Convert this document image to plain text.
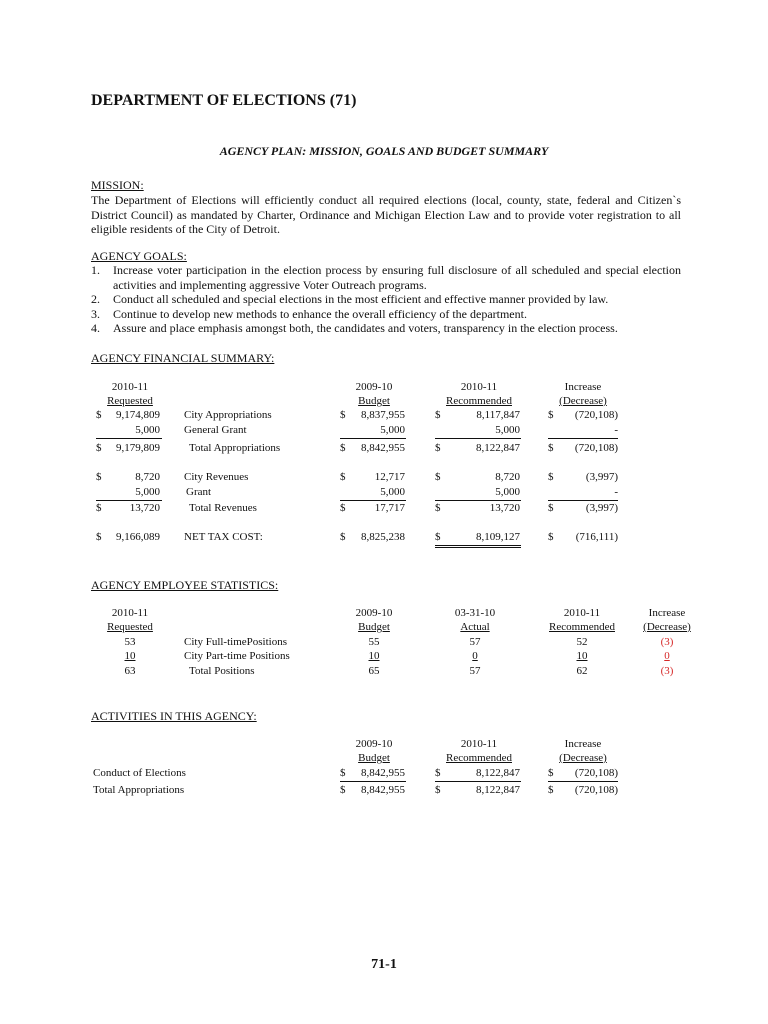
DEPARTMENT OF ELECTIONS (71)
AGENCY PLAN: MISSION, GOALS AND BUDGET SUMMARY
MISSION:
The Department of Elections will efficiently conduct all required elections (local, county, state, federal and Citizen`s District Council) as mandated by Charter, Ordinance and Michigan Election Law and to provide voter registration to all eligible residents of the City of Detroit.
AGENCY GOALS:
1. Increase voter participation in the election process by ensuring full disclosure of all scheduled and special election activities and implementing aggressive Voter Outreach programs.
2. Conduct all scheduled and special elections in the most efficient and effective manner provided by law.
3. Continue to develop new methods to enhance the overall efficiency of the department.
4. Assure and place emphasis amongst both, the candidates and voters, transparency in the election process.
AGENCY FINANCIAL SUMMARY:
2010-11
Requested
2009-10
Budget
2010-11
Recommended
Increase
(Decrease)
$	9,174,809 City Appropriations	$	8,837,955	$	8,117,847	$	(720,108)
5,000 General Grant	5,000	5,000	-
$	9,179,809	Total Appropriations	$	8,842,955	$	8,122,847	$	(720,108)
$	8,720 City Revenues	$	12,717	$	8,720	$	(3,997)
5,000 Grant	5,000	5,000	-
$	13,720	Total Revenues	$	17,717	$	13,720	$	(3,997)
$	9,166,089 NET TAX COST:	$	8,825,238	$	8,109,127	$	(716,111)
AGENCY EMPLOYEE STATISTICS:
2010-11
Requested
2009-10
Budget
03-31-10
Actual
2010-11
Recommended
Increase
(Decrease)
53	City Full-timePositions	55	57	52	(3)
10	City Part-time Positions	10	0	10	0
63	Total Positions	65	57	62	(3)
ACTIVITIES IN THIS AGENCY:
2009-10
Budget
2010-11
Recommended
Increase
(Decrease)
Conduct of Elections	$	8,842,955	$	8,122,847	$	(720,108)
Total Appropriations	$	8,842,955	$	8,122,847	$	(720,108)
71-1
